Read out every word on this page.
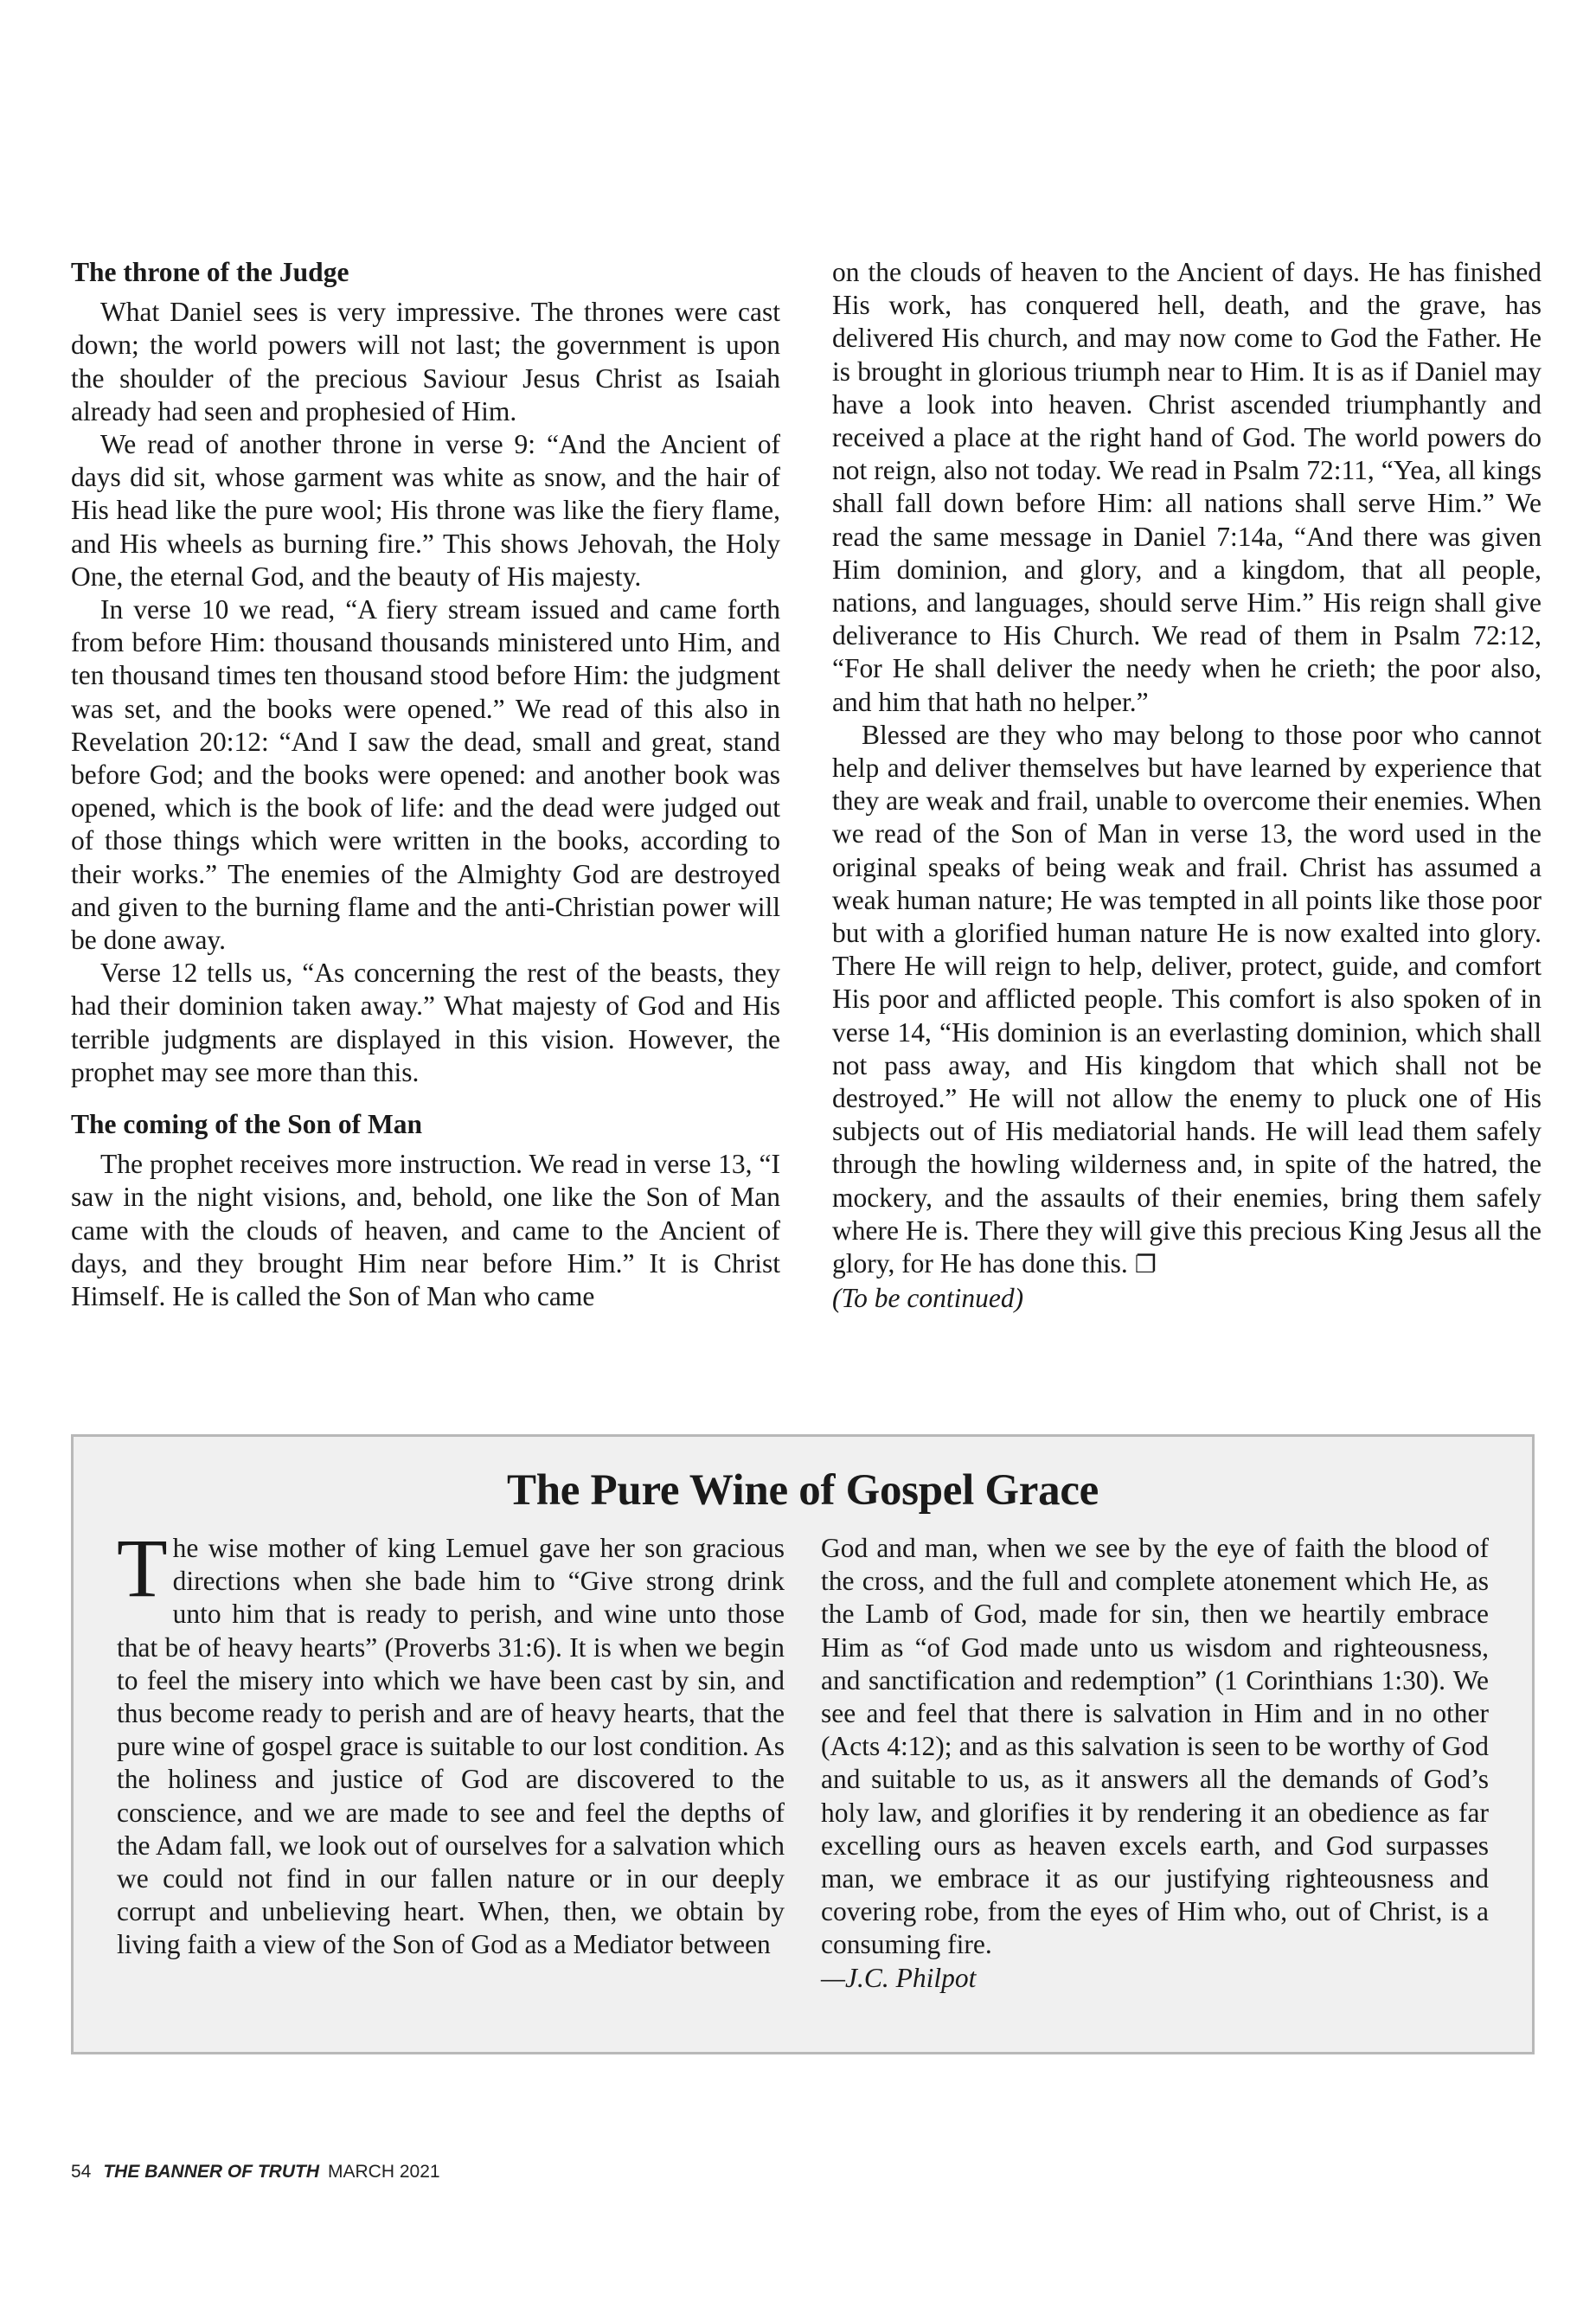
The throne of the Judge

What Daniel sees is very impressive. The thrones were cast down; the world powers will not last; the government is upon the shoulder of the precious Saviour Jesus Christ as Isaiah already had seen and prophesied of Him.

We read of another throne in verse 9: “And the Ancient of days did sit, whose garment was white as snow, and the hair of His head like the pure wool; His throne was like the fiery flame, and His wheels as burning fire.” This shows Jehovah, the Holy One, the eternal God, and the beauty of His majesty.

In verse 10 we read, “A fiery stream issued and came forth from before Him: thousand thousands ministered unto Him, and ten thousand times ten thousand stood before Him: the judgment was set, and the books were opened.” We read of this also in Revelation 20:12: “And I saw the dead, small and great, stand before God; and the books were opened: and another book was opened, which is the book of life: and the dead were judged out of those things which were written in the books, according to their works.” The enemies of the Almighty God are destroyed and given to the burning flame and the anti-Christian power will be done away.

Verse 12 tells us, “As concerning the rest of the beasts, they had their dominion taken away.” What majesty of God and His terrible judgments are displayed in this vision. However, the prophet may see more than this.

The coming of the Son of Man

The prophet receives more instruction. We read in verse 13, “I saw in the night visions, and, behold, one like the Son of Man came with the clouds of heaven, and came to the Ancient of days, and they brought Him near before Him.” It is Christ Himself. He is called the Son of Man who came

on the clouds of heaven to the Ancient of days. He has finished His work, has conquered hell, death, and the grave, has delivered His church, and may now come to God the Father. He is brought in glorious triumph near to Him. It is as if Daniel may have a look into heaven. Christ ascended triumphantly and received a place at the right hand of God. The world powers do not reign, also not today. We read in Psalm 72:11, “Yea, all kings shall fall down before Him: all nations shall serve Him.” We read the same message in Daniel 7:14a, “And there was given Him dominion, and glory, and a kingdom, that all people, nations, and languages, should serve Him.” His reign shall give deliverance to His Church. We read of them in Psalm 72:12, “For He shall deliver the needy when he crieth; the poor also, and him that hath no helper.”

Blessed are they who may belong to those poor who cannot help and deliver themselves but have learned by experience that they are weak and frail, unable to overcome their enemies. When we read of the Son of Man in verse 13, the word used in the original speaks of being weak and frail. Christ has assumed a weak human nature; He was tempted in all points like those poor but with a glorified human nature He is now exalted into glory. There He will reign to help, deliver, protect, guide, and comfort His poor and afflicted people. This comfort is also spoken of in verse 14, “His dominion is an everlasting dominion, which shall not pass away, and His kingdom that which shall not be destroyed.” He will not allow the enemy to pluck one of His subjects out of His mediatorial hands. He will lead them safely through the howling wilderness and, in spite of the hatred, the mockery, and the assaults of their enemies, bring them safely where He is. There they will give this precious King Jesus all the glory, for He has done this. ❐

(To be continued)

The Pure Wine of Gospel Grace

The wise mother of king Lemuel gave her son gracious directions when she bade him to “Give strong drink unto him that is ready to perish, and wine unto those that be of heavy hearts” (Proverbs 31:6). It is when we begin to feel the misery into which we have been cast by sin, and thus become ready to perish and are of heavy hearts, that the pure wine of gospel grace is suitable to our lost condition. As the holiness and justice of God are discovered to the conscience, and we are made to see and feel the depths of the Adam fall, we look out of ourselves for a salvation which we could not find in our fallen nature or in our deeply corrupt and unbelieving heart. When, then, we obtain by living faith a view of the Son of God as a Mediator between

God and man, when we see by the eye of faith the blood of the cross, and the full and complete atonement which He, as the Lamb of God, made for sin, then we heartily embrace Him as “of God made unto us wisdom and righteousness, and sanctification and redemption” (1 Corinthians 1:30). We see and feel that there is salvation in Him and in no other (Acts 4:12); and as this salvation is seen to be worthy of God and suitable to us, as it answers all the demands of God’s holy law, and glorifies it by rendering it an obedience as far excelling ours as heaven excels earth, and God surpasses man, we embrace it as our justifying righteousness and covering robe, from the eyes of Him who, out of Christ, is a consuming fire.

—J.C. Philpot

54 THE BANNER OF TRUTH MARCH 2021
